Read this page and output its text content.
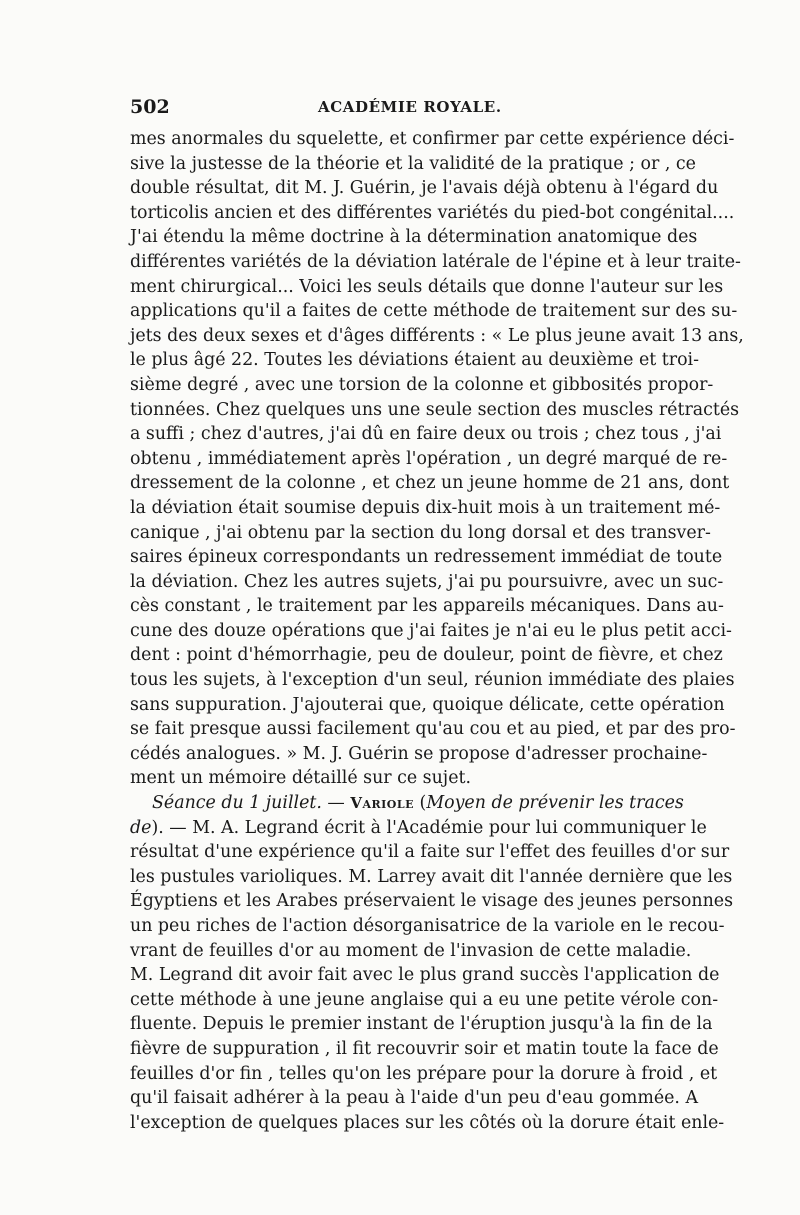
502	ACADÉMIE ROYALE.
mes anormales du squelette, et confirmer par cette expérience déci-
sive la justesse de la théorie et la validité de la pratique ; or , ce
double résultat, dit M. J. Guérin, je l'avais déjà obtenu à l'égard du
torticolis ancien et des différentes variétés du pied-bot congénital....
J'ai étendu la même doctrine à la détermination anatomique des
différentes variétés de la déviation latérale de l'épine et à leur traite-
ment chirurgical... Voici les seuls détails que donne l'auteur sur les
applications qu'il a faites de cette méthode de traitement sur des su-
jets des deux sexes et d'âges différents : « Le plus jeune avait 13 ans,
le plus âgé 22. Toutes les déviations étaient au deuxième et troi-
sième degré , avec une torsion de la colonne et gibbosités propor-
tionnées. Chez quelques uns une seule section des muscles rétractés
a suffi ; chez d'autres, j'ai dû en faire deux ou trois ; chez tous , j'ai
obtenu , immédiatement après l'opération , un degré marqué de re-
dressement de la colonne , et chez un jeune homme de 21 ans, dont
la déviation était soumise depuis dix-huit mois à un traitement mé-
canique , j'ai obtenu par la section du long dorsal et des transver-
saires épineux correspondants un redressement immédiat de toute
la déviation. Chez les autres sujets, j'ai pu poursuivre, avec un suc-
cès constant , le traitement par les appareils mécaniques. Dans au-
cune des douze opérations que j'ai faites je n'ai eu le plus petit acci-
dent : point d'hémorrhagie, peu de douleur, point de fièvre, et chez
tous les sujets, à l'exception d'un seul, réunion immédiate des plaies
sans suppuration. J'ajouterai que, quoique délicate, cette opération
se fait presque aussi facilement qu'au cou et au pied, et par des pro-
cédés analogues. » M. J. Guérin se propose d'adresser prochaine-
ment un mémoire détaillé sur ce sujet.
Séance du 1 juillet. — Variole (Moyen de prévenir les traces
de). — M. A. Legrand écrit à l'Académie pour lui communiquer le
résultat d'une expérience qu'il a faite sur l'effet des feuilles d'or sur
les pustules varioliques. M. Larrey avait dit l'année dernière que les
Égyptiens et les Arabes préservaient le visage des jeunes personnes
un peu riches de l'action désorganisatrice de la variole en le recou-
vrant de feuilles d'or au moment de l'invasion de cette maladie.
M. Legrand dit avoir fait avec le plus grand succès l'application de
cette méthode à une jeune anglaise qui a eu une petite vérole con-
fluente. Depuis le premier instant de l'éruption jusqu'à la fin de la
fièvre de suppuration , il fit recouvrir soir et matin toute la face de
feuilles d'or fin , telles qu'on les prépare pour la dorure à froid , et
qu'il faisait adhérer à la peau à l'aide d'un peu d'eau gommée. A
l'exception de quelques places sur les côtés où la dorure était enle-
